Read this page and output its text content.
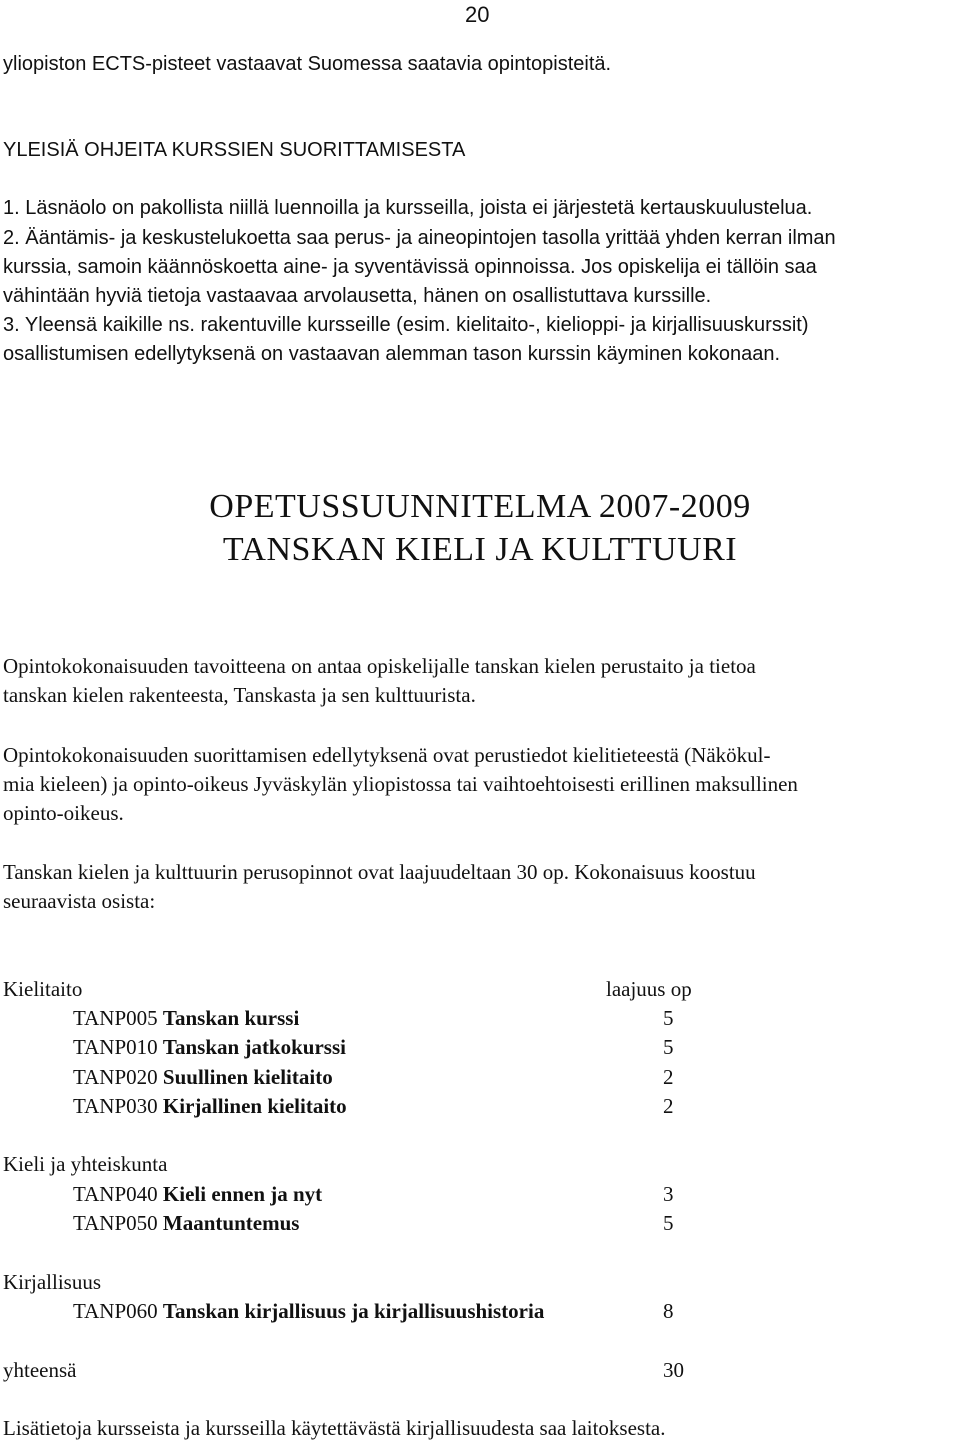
20
yliopiston ECTS-pisteet vastaavat Suomessa saatavia opintopisteitä.
YLEISIÄ OHJEITA KURSSIEN SUORITTAMISESTA
1. Läsnäolo on pakollista niillä luennoilla ja kursseilla, joista ei järjestetä kertauskuulustelua.
2. Ääntämis- ja keskustelukoetta saa perus- ja aineopintojen tasolla yrittää yhden kerran ilman
kurssia, samoin käännöskoetta aine- ja syventävissä opinnoissa. Jos opiskelija ei tällöin saa
vähintään hyviä tietoja vastaavaa arvolausetta, hänen on osallistuttava kurssille.
3. Yleensä kaikille ns. rakentuville kursseille (esim. kielitaito-, kielioppi- ja kirjallisuuskurssit)
osallistumisen edellytyksenä on vastaavan alemman tason kurssin käyminen kokonaan.
OPETUSSUUNNITELMA 2007-2009
TANSKAN KIELI JA KULTTUURI
Opintokokonaisuuden tavoitteena on antaa opiskelijalle tanskan kielen perustaito ja tietoa
tanskan kielen rakenteesta, Tanskasta ja sen kulttuurista.
Opintokokonaisuuden suorittamisen edellytyksenä ovat perustiedot kielitieteestä (Näkökul-
mia kieleen) ja opinto-oikeus Jyväskylän yliopistossa tai vaihtoehtoisesti erillinen maksullinen
opinto-oikeus.
Tanskan kielen ja kulttuurin perusopinnot ovat laajuudeltaan 30 op. Kokonaisuus koostuu
seuraavista osista:
Kielitaito	laajuus op
TANP005 Tanskan kurssi	5
TANP010 Tanskan jatkokurssi	5
TANP020 Suullinen kielitaito	2
TANP030 Kirjallinen kielitaito	2
Kieli ja yhteiskunta
TANP040 Kieli ennen ja nyt	3
TANP050 Maantuntemus	5
Kirjallisuus
TANP060 Tanskan kirjallisuus ja kirjallisuushistoria	8
yhteensä	30
Lisätietoja kursseista ja kursseilla käytettävästä kirjallisuudesta saa laitoksesta.
